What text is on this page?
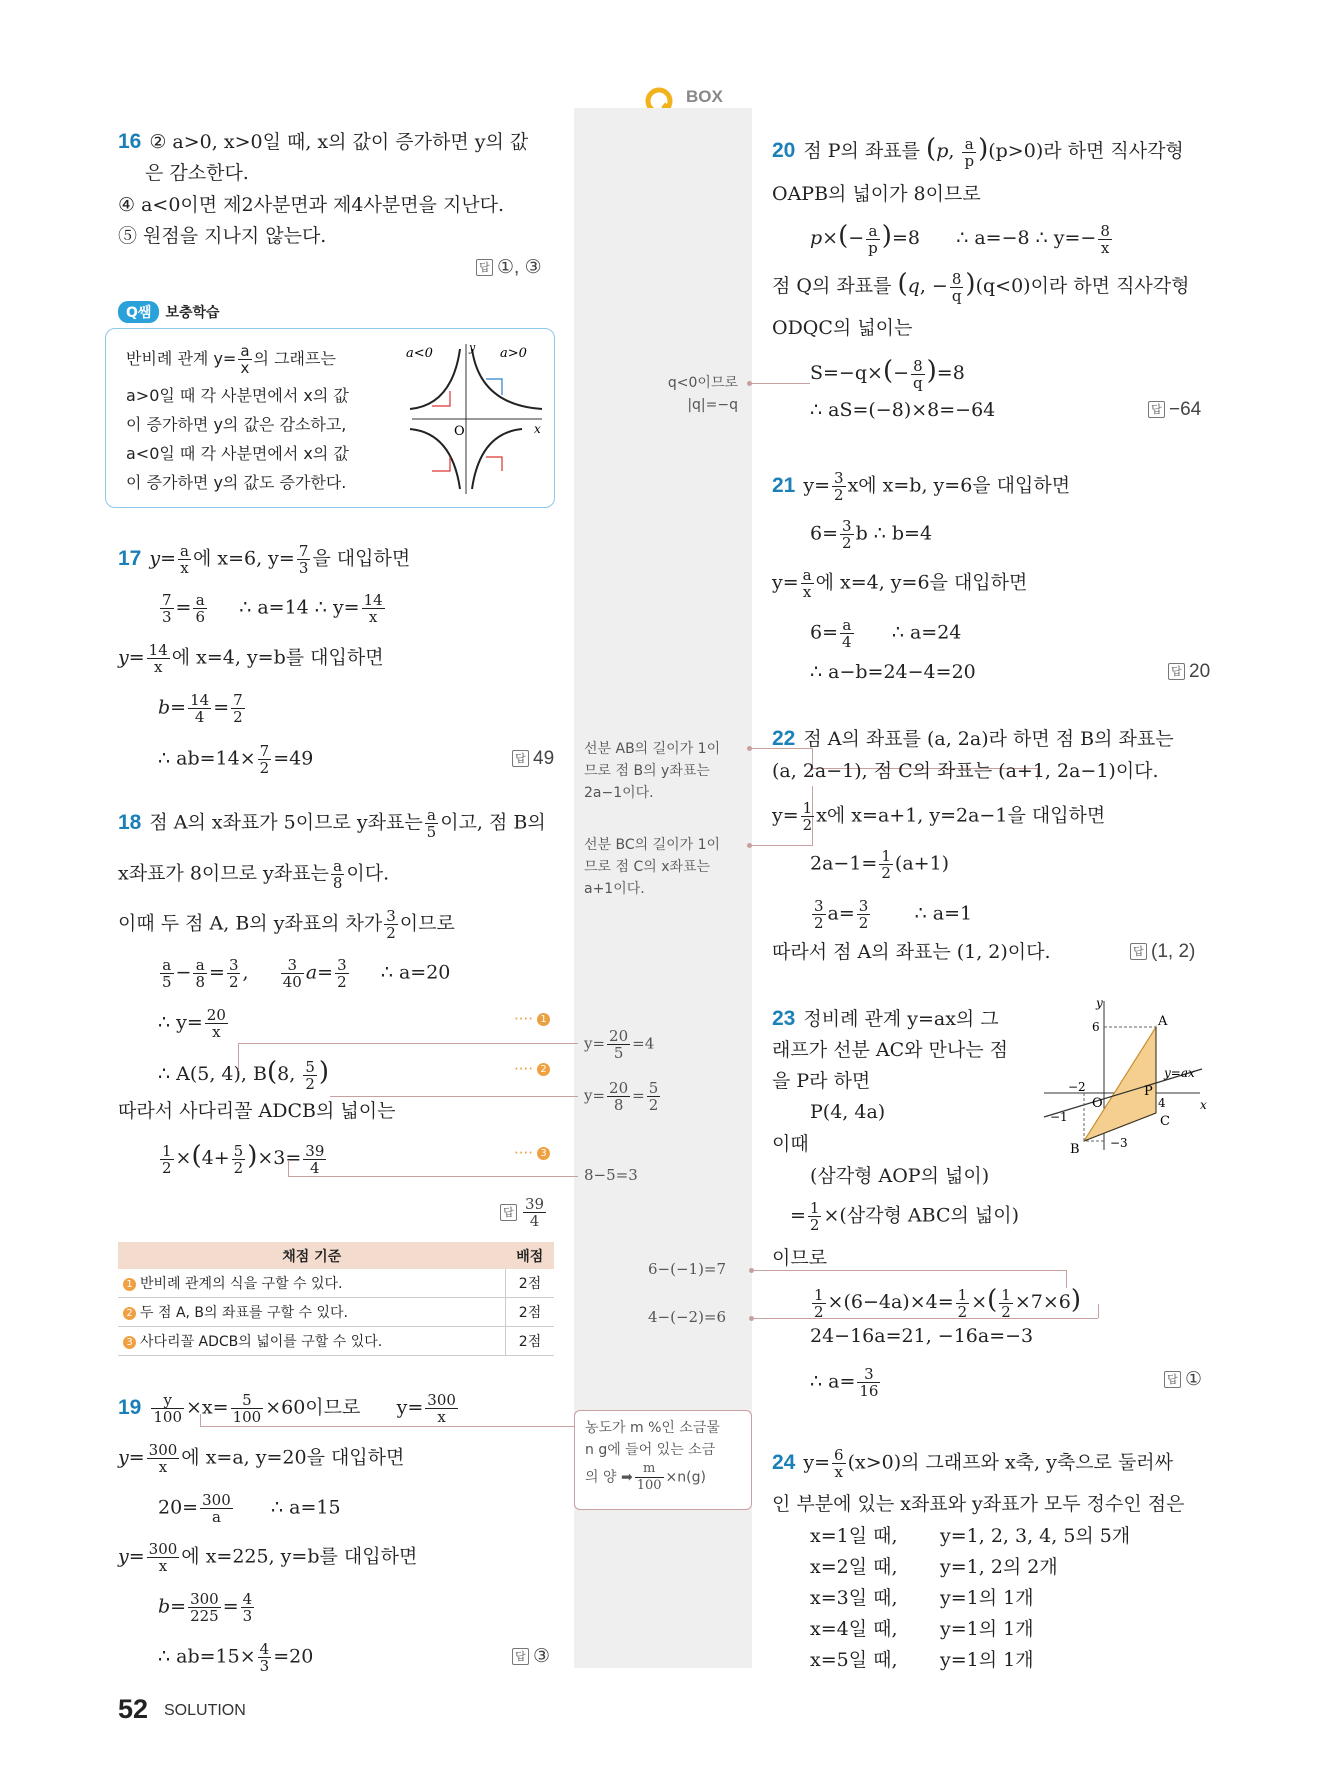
BOX
16 ② a>0, x>0일 때, x의 값이 증가하면 y의 값
은 감소한다.
④ a<0이면 제2사분면과 제4사분면을 지난다.
⑤ 원점을 지나지 않는다.
답 ①, ③
Q쌤 보충학습
반비례 관계 $y= \frac{a}{x}$ 의 그래프는
a>0일 때 각 사분면에서 x의 값
이 증가하면 y의 값은 감소하고,
a<0일 때 각 사분면에서 x의 값
이 증가하면 y의 값도 증가한다.
a<0	a>0
O	x
y
17 $y= \frac{a}{x}$ 에 x=6, $y= \frac{7}{3}$ 을 대입하면
$\frac{7}{3} = \frac{a}{6}$ ∴ a=14 ∴ $y= \frac{14}{x}$
$y= \frac{14}{x}$ 에 x=4, y=b를 대입하면
$b= \frac{14}{4} = \frac{7}{2}$
∴ $ab=14\times \frac{7}{2} =49$	답 49
18 점 A의 x좌표가 5이므로 y좌표는 $\frac{a}{5}$ 이고, 점 B의
x좌표가 8이므로 y좌표는 $\frac{a}{8}$ 이다.
이때 두 점 A, B의 y좌표의 차가 $\frac{3}{2}$ 이므로
$\frac{a}{5} - \frac{a}{8} = \frac{3}{2}$ , $\frac{3}{40} a= \frac{3}{2}$ ∴ a=20
∴ $y= \frac{20}{x}$	···· 1
∴ A(5, 4), B(8, $\frac{5}{2}$ )	···· 2
따라서 사다리꼴 ADCB의 넓이는
$\frac{1}{2} \times(4+ \frac{5}{2} )\times 3= \frac{39}{4}$	···· 3
답 $\frac{39}{4}$
채점 기준	배점
1 반비례 관계의 식을 구할 수 있다.	2점
2 두 점 A, B의 좌표를 구할 수 있다.	2점
3 사다리꼴 ADCB의 넓이를 구할 수 있다.	2점
$19 \frac{y}{100} \times x= \frac{5}{100} \times 60$이므로 $y= \frac{300}{x}$
$y= \frac{300}{x}$ 에 x=a, y=20을 대입하면
$20= \frac{300}{a}$ ∴ a=15
$y= \frac{300}{x}$ 에 x=225, y=b를 대입하면
$b= \frac{300}{225} = \frac{4}{3}$
∴ $ab=15\times \frac{4}{3} =20$	답 ③
52 SOLUTION
q<0이므로
|q|=−q
선분 AB의 길이가 1이
므로 점 B의 y좌표는
2a−1이다.
선분 BC의 길이가 1이
므로 점 C의 x좌표는
a+1이다.
$y= \frac{20}{5} =4$
$y= \frac{20}{8} = \frac{5}{2}$
8−5=3
6−(−1)=7
4−(−2)=6
농도가 m %인 소금물
n g에 들어 있는 소금
의 양 ➡ $\frac{m}{100} \times n(g)$
20 점 P의 좌표를 (p, $\frac{a}{p} )(p>0)$라 하면 직사각형
OAPB의 넓이가 8이므로
$p\times(- \frac{a}{p} )=8$      ∴ a=−8 ∴ $y=- \frac{8}{x}$
점 Q의 좌표를 (q, − $\frac{8}{q} )(q<0)$이라 하면 직사각형
ODQC의 넓이는
$S=-q\times(- \frac{8}{q} )=8$
∴ aS=(−8)×8=−64	답 −64
21 $y= \frac{3}{2}$ x에 x=b, y=6을 대입하면
$6= \frac{3}{2}$ b ∴ b=4
$y= \frac{a}{x}$ 에 x=4, y=6을 대입하면
$6= \frac{a}{4}$ ∴ a=24
∴ a−b=24−4=20	답 20
22 점 A의 좌표를 (a, 2a)라 하면 점 B의 좌표는
(a, 2a−1), 점 C의 좌표는 (a+1, 2a−1)이다.
$y= \frac{1}{2}$ x에 x=a+1, y=2a−1을 대입하면
$2a-1= \frac{1}{2} (a+1)$
$\frac{3}{2} a= \frac{3}{2}$ ∴ a=1
따라서 점 A의 좌표는 (1, 2)이다.	답 (1, 2)
23 정비례 관계 y=ax의 그
래프가 선분 AC와 만나는 점
을 P라 하면
P(4, 4a)
이때
(삼각형 AOP의 넓이)
= $\frac{1}{2}$ ×(삼각형 ABC의 넓이)
이므로
$\frac{1}{2} \times(6-4a)\times 4= \frac{1}{2}$ ×( $\frac{1}{2} \times 7\times 6$)
24−16a=21, −16a=−3
∴ $a= \frac{3}{16}$	답 ①
y
x
O
A
B
C
P
6
4
−1
−2
−3
y=ax
24 $y= \frac{6}{x} (x>0)$의 그래프와 x축, y축으로 둘러싸
인 부분에 있는 x좌표와 y좌표가 모두 정수인 점은
x=1일 때, y=1, 2, 3, 4, 5의 5개
x=2일 때, y=1, 2의 2개
x=3일 때, y=1의 1개
x=4일 때, y=1의 1개
x=5일 때, y=1의 1개
